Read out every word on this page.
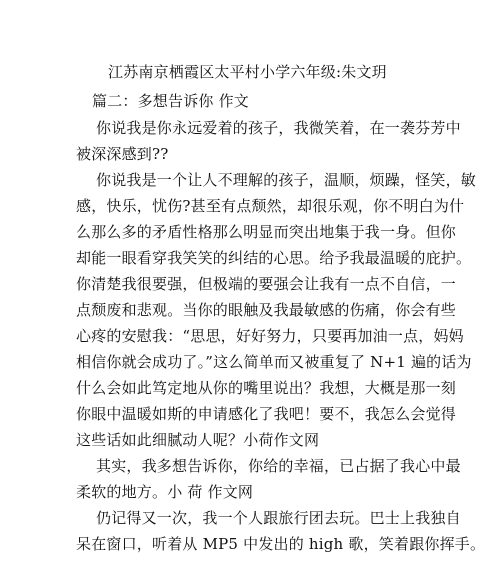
江苏南京栖霞区太平村小学六年级:朱文玥
篇二：多想告诉你 作文
你说我是你永远爱着的孩子，我微笑着，在一袭芬芳中
被深深感到??
你说我是一个让人不理解的孩子，温顺，烦躁，怪笑，敏
感，快乐，忧伤?甚至有点颓然，却很乐观，你不明白为什
么那么多的矛盾性格那么明显而突出地集于我一身。但你
却能一眼看穿我笑笑的纠结的心思。给予我最温暖的庇护。
你清楚我很要强，但极端的要强会让我有一点不自信，一
点颓废和悲观。当你的眼触及我最敏感的伤痛，你会有些
心疼的安慰我：“思思，好好努力，只要再加油一点，妈妈
相信你就会成功了。”这么简单而又被重复了 N+1 遍的话为
什么会如此笃定地从你的嘴里说出？我想，大概是那一刻
你眼中温暖如斯的申请感化了我吧！要不，我怎么会觉得
这些话如此细腻动人呢？小荷作文网
其实，我多想告诉你，你给的幸福，已占据了我心中最
柔软的地方。小 荷 作文网
仍记得又一次，我一个人跟旅行团去玩。巴士上我独自
呆在窗口，听着从 MP5 中发出的 high 歌，笑着跟你挥手。
